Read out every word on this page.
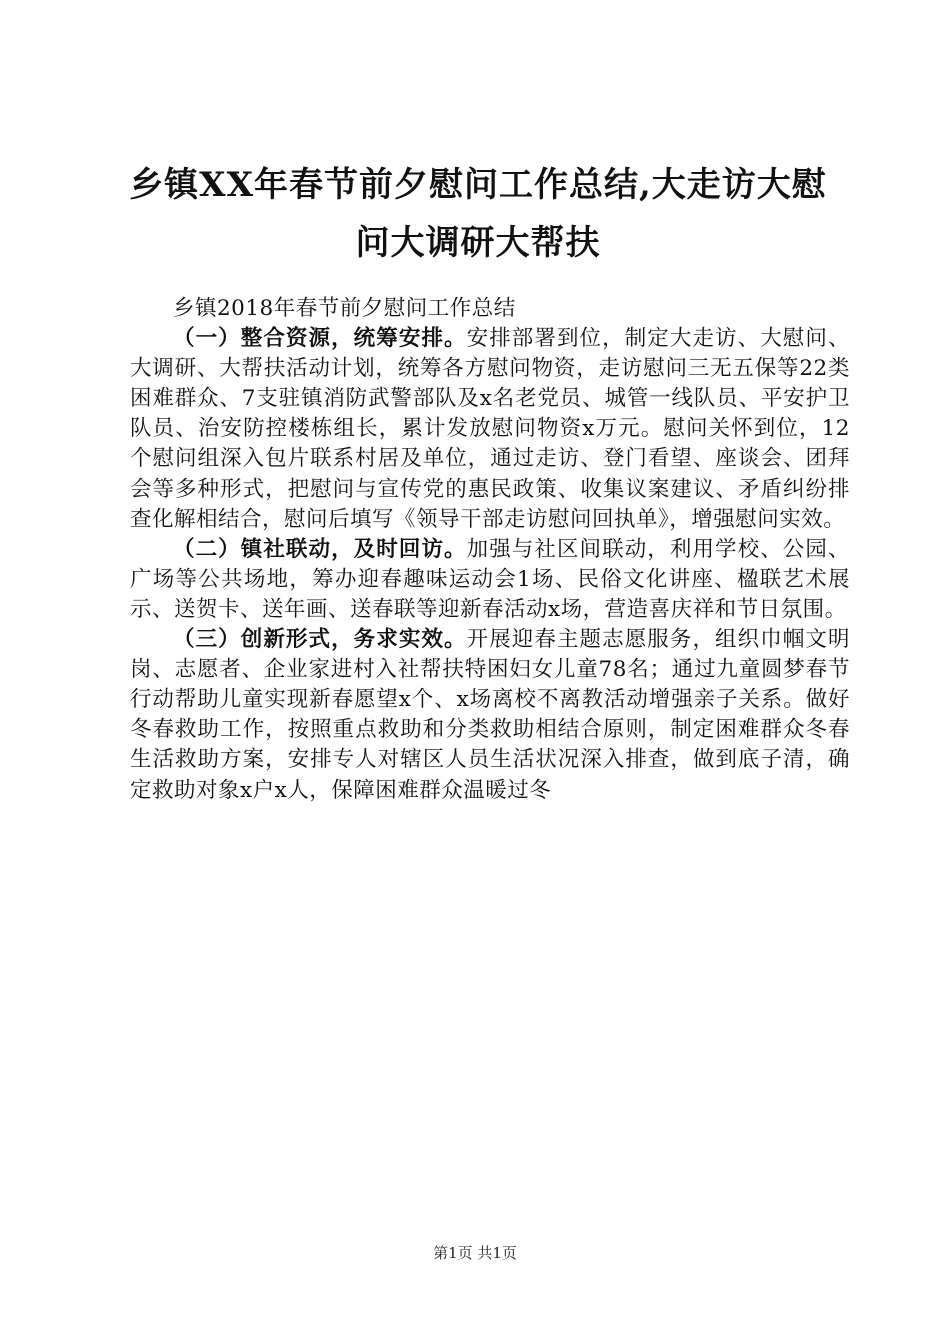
乡镇XX年春节前夕慰问工作总结,大走访大慰问大调研大帮扶

乡镇2018年春节前夕慰问工作总结

（一）整合资源，统筹安排。安排部署到位，制定大走访、大慰问、大调研、大帮扶活动计划，统筹各方慰问物资，走访慰问三无五保等22类困难群众、7支驻镇消防武警部队及x名老党员、城管一线队员、平安护卫队员、治安防控楼栋组长，累计发放慰问物资x万元。慰问关怀到位，12个慰问组深入包片联系村居及单位，通过走访、登门看望、座谈会、团拜会等多种形式，把慰问与宣传党的惠民政策、收集议案建议、矛盾纠纷排查化解相结合，慰问后填写《领导干部走访慰问回执单》，增强慰问实效。

（二）镇社联动，及时回访。加强与社区间联动，利用学校、公园、广场等公共场地，筹办迎春趣味运动会1场、民俗文化讲座、楹联艺术展示、送贺卡、送年画、送春联等迎新春活动x场，营造喜庆祥和节日氛围。

（三）创新形式，务求实效。开展迎春主题志愿服务，组织巾帼文明岗、志愿者、企业家进村入社帮扶特困妇女儿童78名；通过九童圆梦春节行动帮助儿童实现新春愿望x个、x场离校不离教活动增强亲子关系。做好冬春救助工作，按照重点救助和分类救助相结合原则，制定困难群众冬春生活救助方案，安排专人对辖区人员生活状况深入排查，做到底子清，确定救助对象x户x人，保障困难群众温暖过冬

第1页 共1页
